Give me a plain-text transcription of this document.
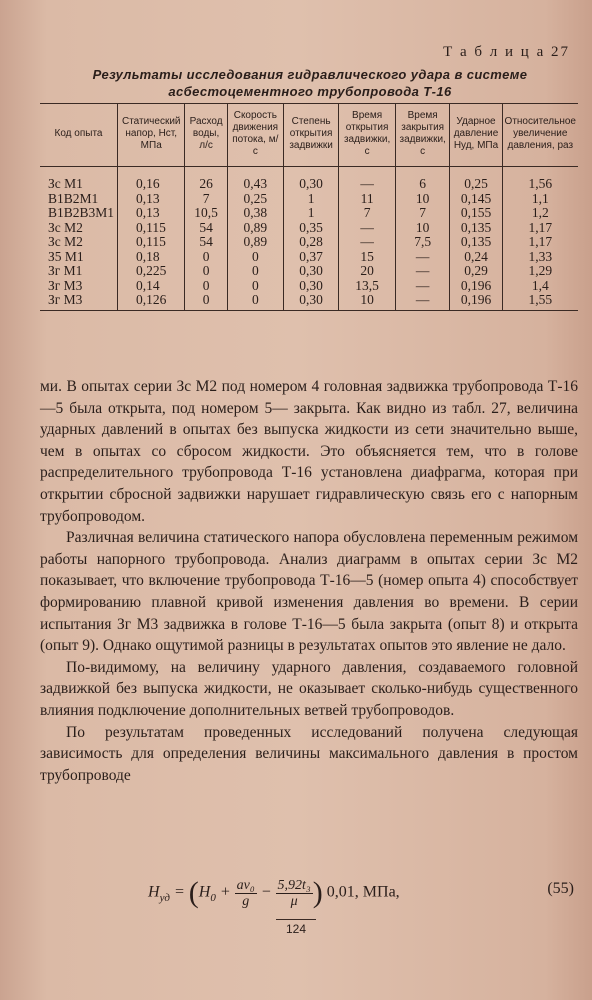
Т а б л и ц а 27
Результаты исследования гидравлического удара в системе
асбестоцементного трубопровода Т-16
Код опыта	Статический напор, Нст, МПа	Расход воды, л/с	Скорость движения потока, м/с	Степень открытия задвижки	Время открытия задвижки, с	Время закрытия задвижки, с	Ударное давление Нуд, МПа	Относительное увеличение давления, раз
Зс М1	0,16	26	0,43	0,30	—	6	0,25	1,56
В1В2М1	0,13	7	0,25	1	11	10	0,145	1,1
В1В2В3М1	0,13	10,5	0,38	1	7	7	0,155	1,2
Зс М2	0,115	54	0,89	0,35	—	10	0,135	1,17
Зс М2	0,115	54	0,89	0,28	—	7,5	0,135	1,17
З5 М1	0,18	0	0	0,37	15	—	0,24	1,33
Зг М1	0,225	0	0	0,30	20	—	0,29	1,29
Зг М3	0,14	0	0	0,30	13,5	—	0,196	1,4
Зг М3	0,126	0	0	0,30	10	—	0,196	1,55

ми. В опытах серии Зс М2 под номером 4 головная задвижка трубопровода Т-16—5 была открыта, под номером 5— закрыта. Как видно из табл. 27, величина ударных давлений в опытах без выпуска жидкости из сети значительно выше, чем в опытах со сбросом жидкости. Это объясняется тем, что в голове распределительного трубопровода Т-16 установлена диафрагма, которая при открытии сбросной задвижки нарушает гидравлическую связь его с напорным трубопроводом.

Различная величина статического напора обусловлена переменным режимом работы напорного трубопровода. Анализ диаграмм в опытах серии Зс М2 показывает, что включение трубопровода Т-16—5 (номер опыта 4) способствует формированию плавной кривой изменения давления во времени. В серии испытания Зг М3 задвижка в голове Т-16—5 была закрыта (опыт 8) и открыта (опыт 9). Однако ощутимой разницы в результатах опытов это явление не дало.

По-видимому, на величину ударного давления, создаваемого головной задвижкой без выпуска жидкости, не оказывает сколько-нибудь существенного влияния подключение дополнительных ветвей трубопроводов.

По результатам проведенных исследований получена следующая зависимость для определения величины максимального давления в простом трубопроводе

$H_{уд} = (H_0 + \frac{\text{av₀}}{g} - \frac{\text{5,92t₃}}{\mu}$ ) 0,01, МПа,	(55)
124
